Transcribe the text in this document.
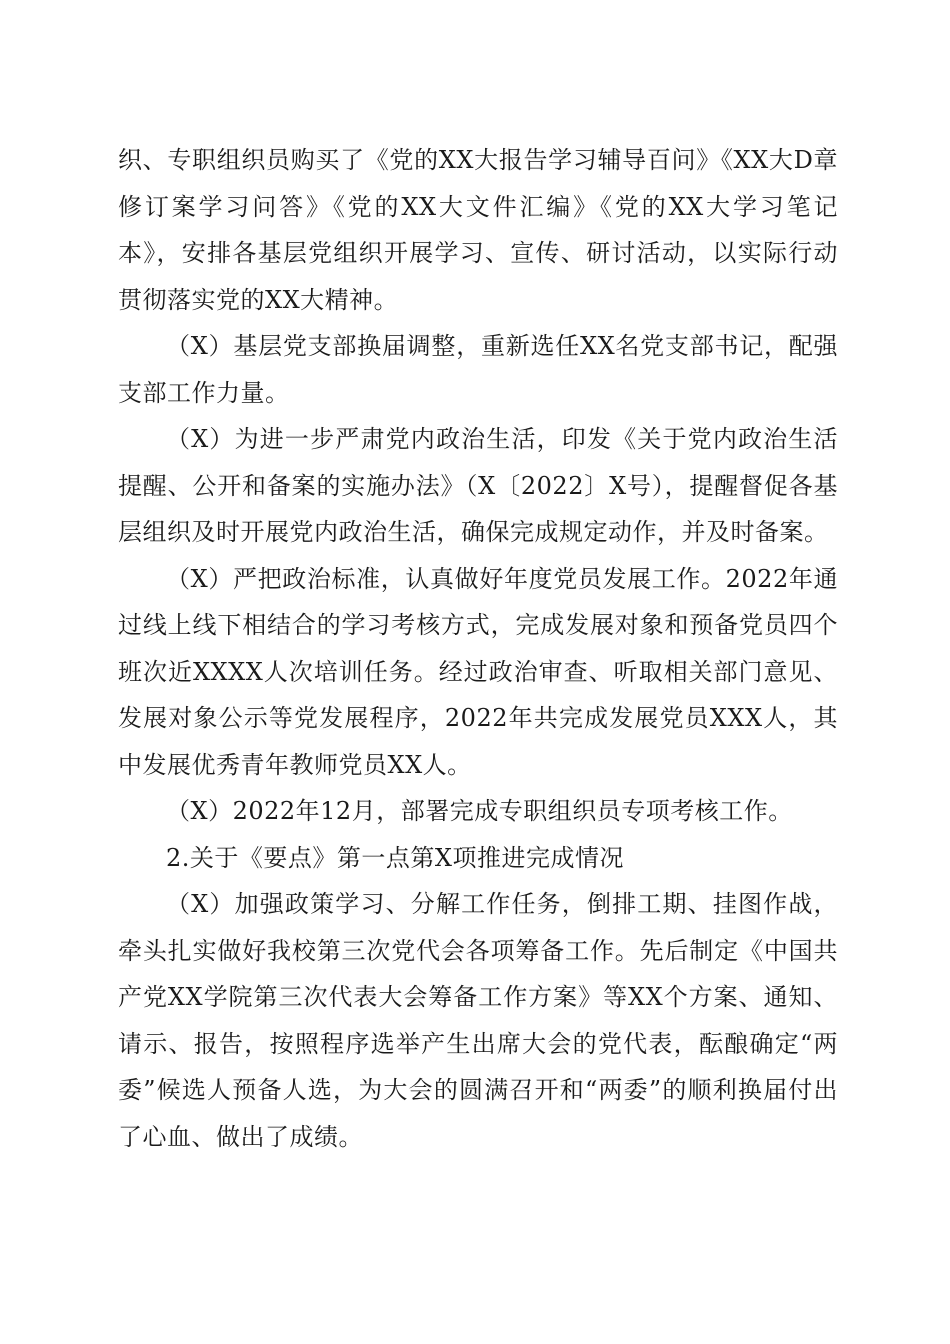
织、专职组织员购买了《党的XX大报告学习辅导百问》《XX大D章修订案学习问答》《党的XX大文件汇编》《党的XX大学习笔记本》，安排各基层党组织开展学习、宣传、研讨活动，以实际行动贯彻落实党的XX大精神。

（X）基层党支部换届调整，重新选任XX名党支部书记，配强支部工作力量。

（X）为进一步严肃党内政治生活，印发《关于党内政治生活提醒、公开和备案的实施办法》（X〔2022〕X号），提醒督促各基层组织及时开展党内政治生活，确保完成规定动作，并及时备案。

（X）严把政治标准，认真做好年度党员发展工作。2022年通过线上线下相结合的学习考核方式，完成发展对象和预备党员四个班次近XXXX人次培训任务。经过政治审查、听取相关部门意见、发展对象公示等党发展程序，2022年共完成发展党员XXX人，其中发展优秀青年教师党员XX人。

（X）2022年12月，部署完成专职组织员专项考核工作。

2.关于《要点》第一点第X项推进完成情况

（X）加强政策学习、分解工作任务，倒排工期、挂图作战，牵头扎实做好我校第三次党代会各项筹备工作。先后制定《中国共产党XX学院第三次代表大会筹备工作方案》等XX个方案、通知、请示、报告，按照程序选举产生出席大会的党代表，酝酿确定“两委”候选人预备人选，为大会的圆满召开和“两委”的顺利换届付出了心血、做出了成绩。
